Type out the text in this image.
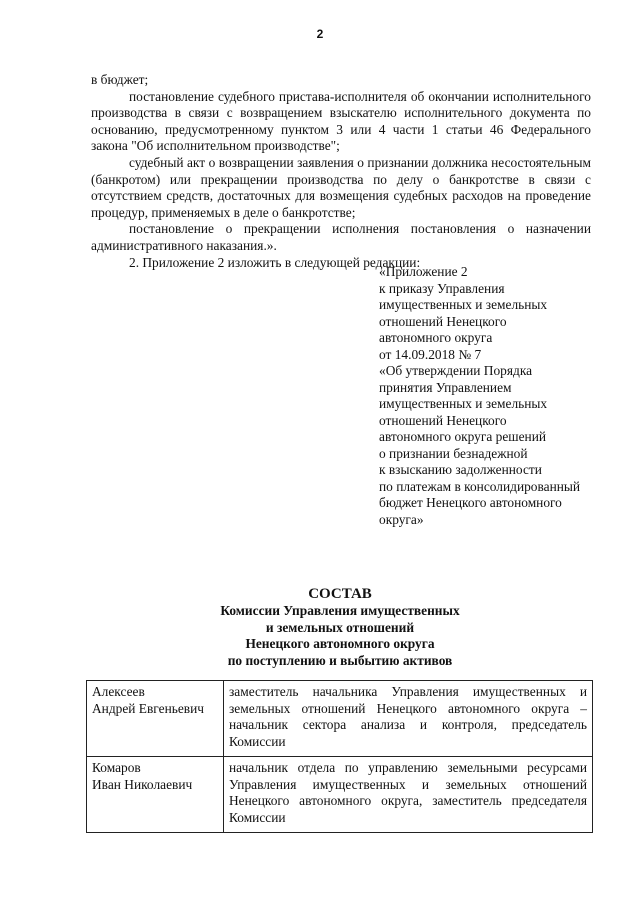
2

в бюджет;

постановление судебного пристава-исполнителя об окончании исполнительного производства в связи с возвращением взыскателю исполнительного документа по основанию, предусмотренному пунктом 3 или 4 части 1 статьи 46 Федерального закона "Об исполнительном производстве";

судебный акт о возвращении заявления о признании должника несостоятельным (банкротом) или прекращении производства по делу о банкротстве в связи с отсутствием средств, достаточных для возмещения судебных расходов на проведение процедур, применяемых в деле о банкротстве;

постановление о прекращении исполнения постановления о назначении административного наказания.».

2. Приложение 2 изложить в следующей редакции:

«Приложение 2
к приказу Управления
имущественных и земельных
отношений Ненецкого
автономного округа
от 14.09.2018 № 7
«Об утверждении Порядка
принятия Управлением
имущественных и земельных
отношений Ненецкого
автономного округа решений
о признании безнадежной
к взысканию задолженности
по платежам в консолидированный
бюджет Ненецкого автономного
округа»
СОСТАВ
Комиссии Управления имущественных
и земельных отношений
Ненецкого автономного округа
по поступлению и выбытию активов
Алексеев
Андрей Евгеньевич	заместитель начальника Управления имущественных и земельных отношений Ненецкого автономного округа – начальник сектора анализа и контроля, председатель Комиссии
Комаров
Иван Николаевич	начальник отдела по управлению земельными ресурсами Управления имущественных и земельных отношений Ненецкого автономного округа, заместитель председателя Комиссии
